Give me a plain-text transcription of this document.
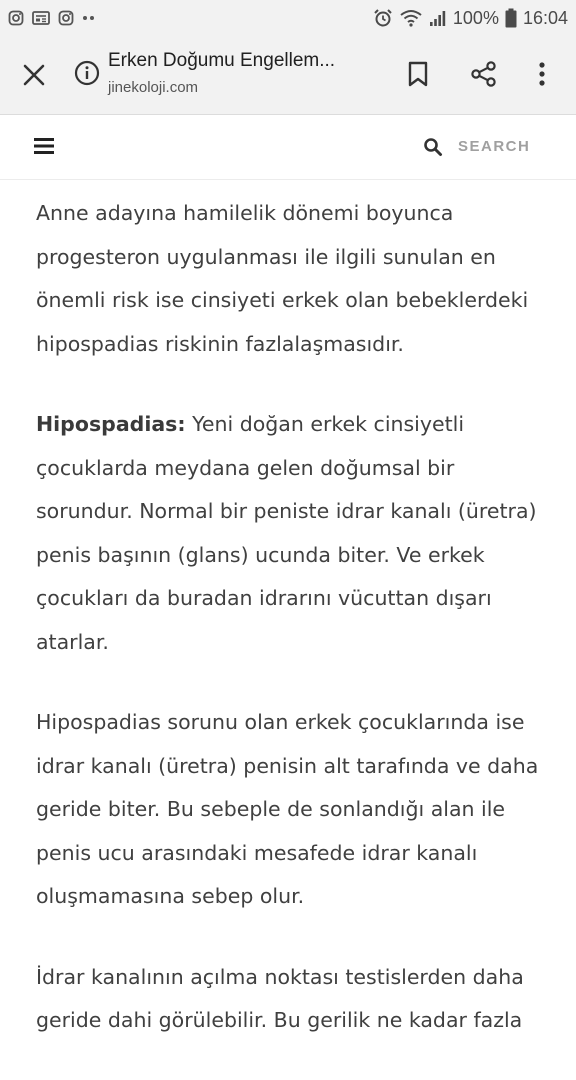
100% 16:04
Erken Doğumu Engellem...
jinekoloji.com
SEARCH

Anne adayına hamilelik dönemi boyunca progesteron uygulanması ile ilgili sunulan en önemli risk ise cinsiyeti erkek olan bebeklerdeki hipospadias riskinin fazlalaşmasıdır.

Hipospadias: Yeni doğan erkek cinsiyetli çocuklarda meydana gelen doğumsal bir sorundur. Normal bir peniste idrar kanalı (üretra) penis başının (glans) ucunda biter. Ve erkek çocukları da buradan idrarını vücuttan dışarı atarlar.

Hipospadias sorunu olan erkek çocuklarında ise idrar kanalı (üretra) penisin alt tarafında ve daha geride biter. Bu sebeple de sonlandığı alan ile penis ucu arasındaki mesafede idrar kanalı oluşmamasına sebep olur.

İdrar kanalının açılma noktası testislerden daha geride dahi görülebilir. Bu gerilik ne kadar fazla
